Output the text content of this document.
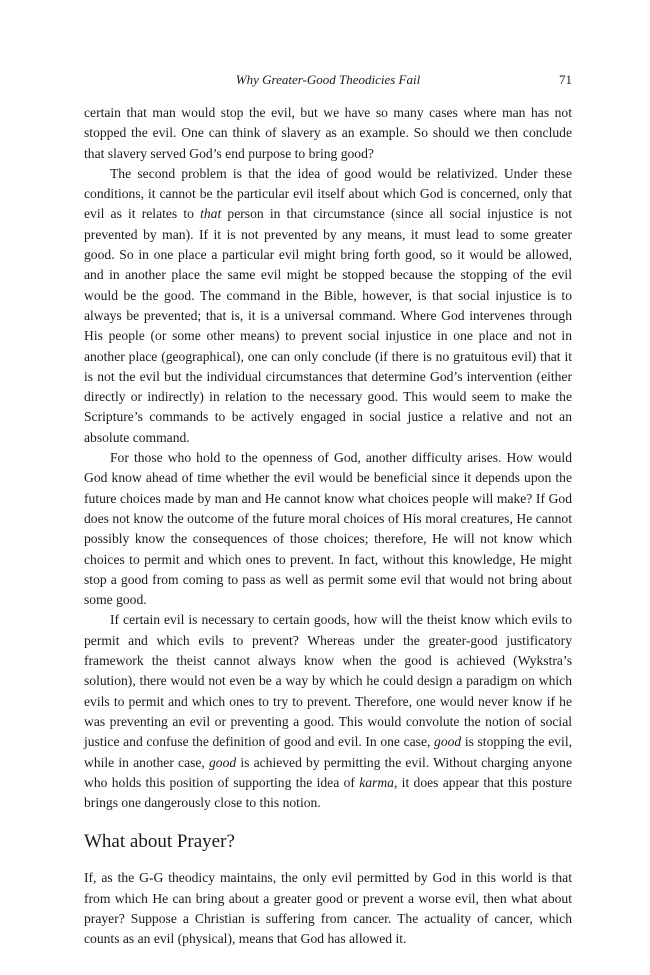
Why Greater-Good Theodicies Fail	71

certain that man would stop the evil, but we have so many cases where man has not stopped the evil. One can think of slavery as an example. So should we then conclude that slavery served God’s end purpose to bring good?

The second problem is that the idea of good would be relativized. Under these conditions, it cannot be the particular evil itself about which God is concerned, only that evil as it relates to that person in that circumstance (since all social injustice is not prevented by man). If it is not prevented by any means, it must lead to some greater good. So in one place a particular evil might bring forth good, so it would be allowed, and in another place the same evil might be stopped because the stopping of the evil would be the good. The command in the Bible, however, is that social injustice is to always be prevented; that is, it is a universal command. Where God intervenes through His people (or some other means) to prevent social injustice in one place and not in another place (geographical), one can only conclude (if there is no gratuitous evil) that it is not the evil but the individual circumstances that determine God’s intervention (either directly or indirectly) in relation to the necessary good. This would seem to make the Scripture’s commands to be actively engaged in social justice a relative and not an absolute command.

For those who hold to the openness of God, another difficulty arises. How would God know ahead of time whether the evil would be beneficial since it depends upon the future choices made by man and He cannot know what choices people will make? If God does not know the outcome of the future moral choices of His moral creatures, He cannot possibly know the consequences of those choices; therefore, He will not know which choices to permit and which ones to prevent. In fact, without this knowledge, He might stop a good from coming to pass as well as permit some evil that would not bring about some good.

If certain evil is necessary to certain goods, how will the theist know which evils to permit and which evils to prevent? Whereas under the greater-good justificatory framework the theist cannot always know when the good is achieved (Wykstra’s solution), there would not even be a way by which he could design a paradigm on which evils to permit and which ones to try to prevent. Therefore, one would never know if he was preventing an evil or preventing a good. This would convolute the notion of social justice and confuse the definition of good and evil. In one case, good is stopping the evil, while in another case, good is achieved by permitting the evil. Without charging anyone who holds this position of supporting the idea of karma, it does appear that this posture brings one dangerously close to this notion.

What about Prayer?

If, as the G-G theodicy maintains, the only evil permitted by God in this world is that from which He can bring about a greater good or prevent a worse evil, then what about prayer? Suppose a Christian is suffering from cancer. The actuality of cancer, which counts as an evil (physical), means that God has allowed it.
